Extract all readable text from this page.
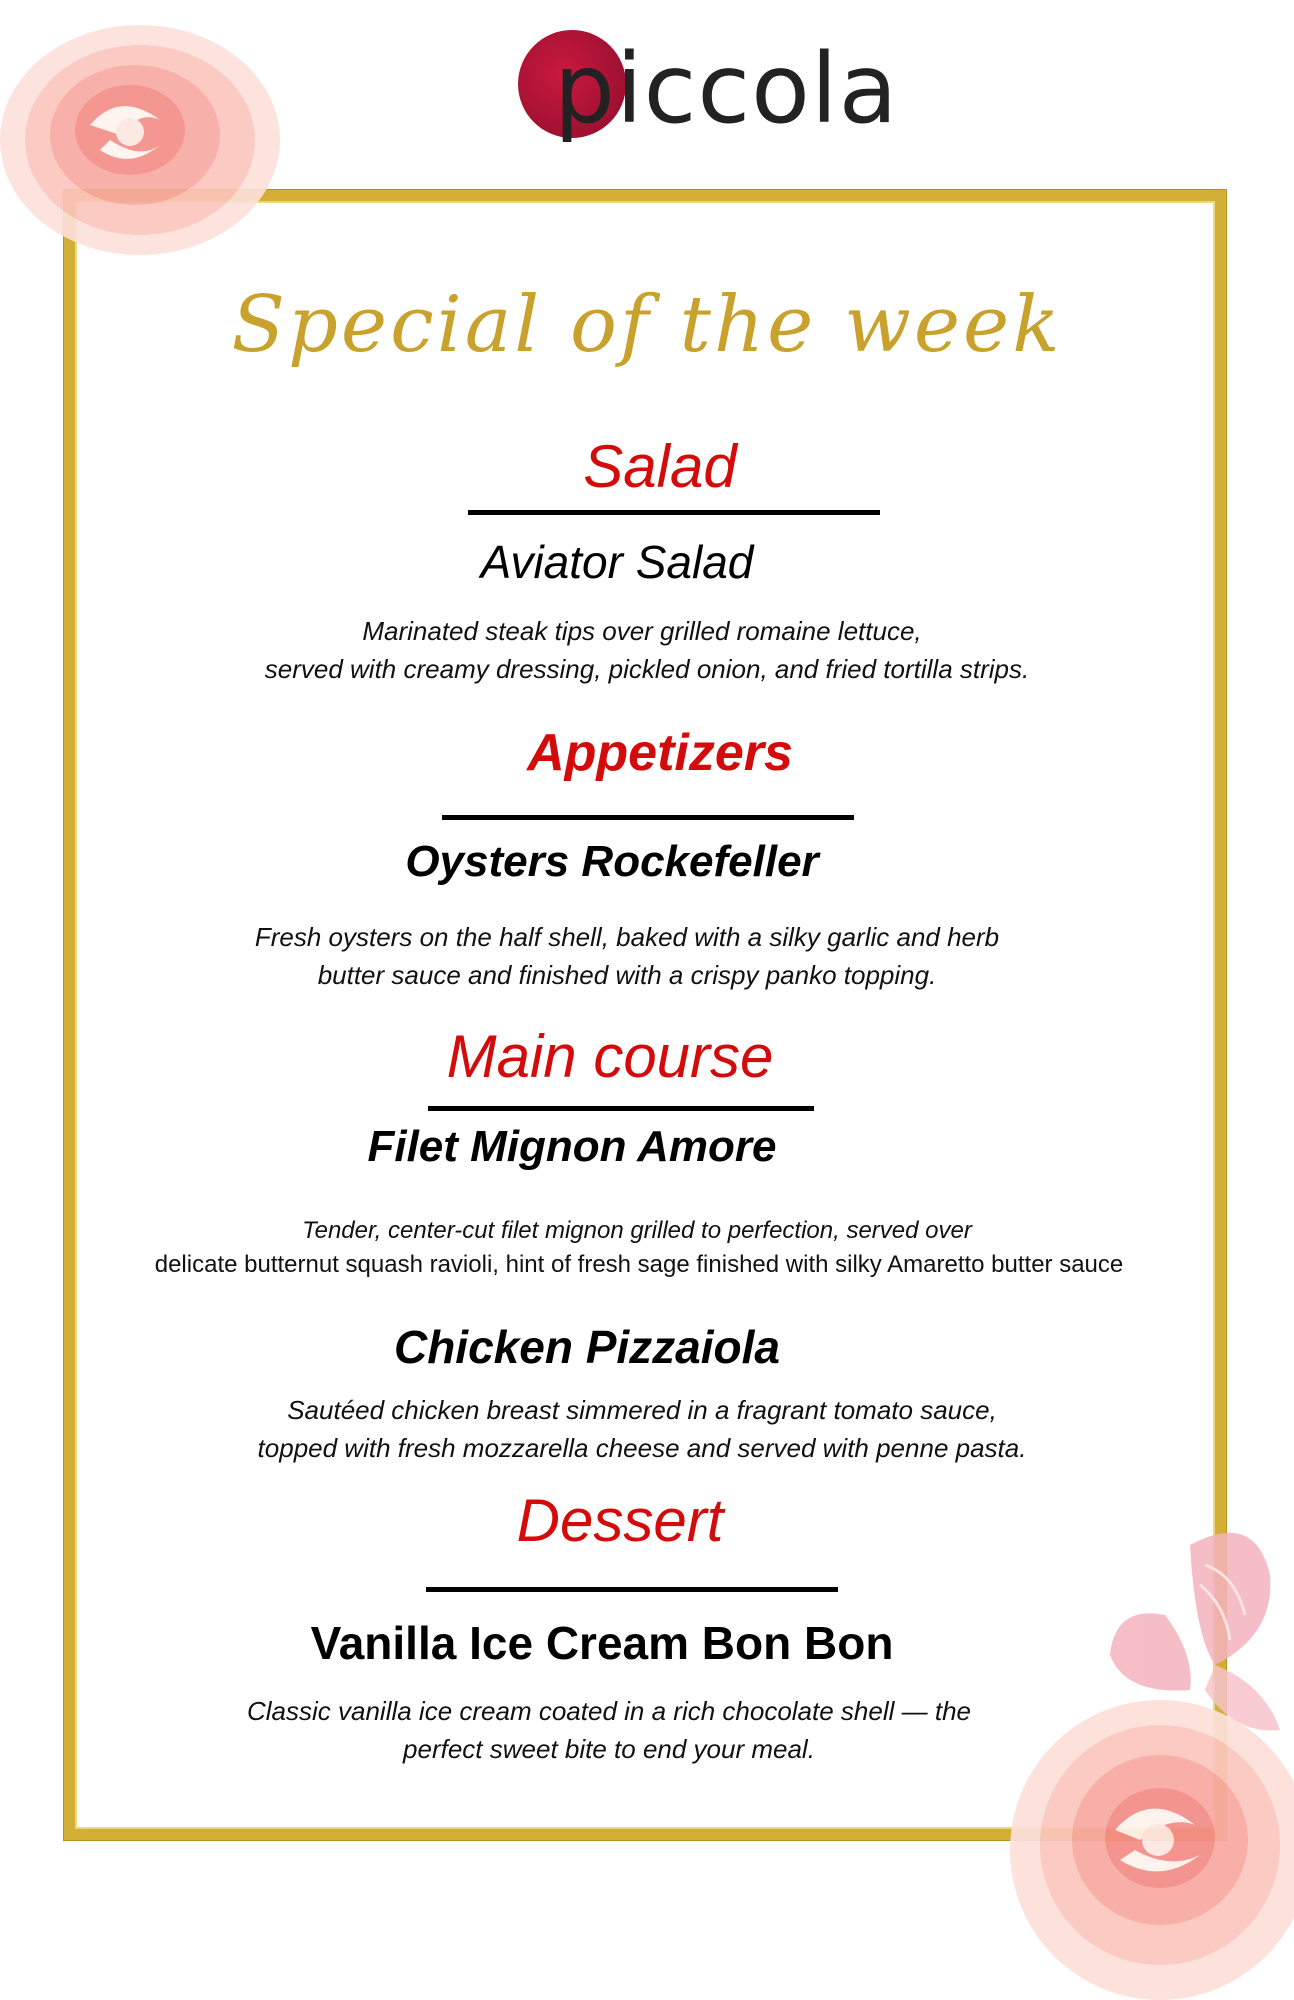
piccola
Special of the week
Salad
Aviator Salad
Marinated steak tips over grilled romaine lettuce,
served with creamy dressing, pickled onion, and fried tortilla strips.
Appetizers
Oysters Rockefeller
Fresh oysters on the half shell, baked with a silky garlic and herb
butter sauce and finished with a crispy panko topping.
Main course
Filet Mignon Amore
Tender, center-cut filet mignon grilled to perfection, served over
delicate butternut squash ravioli, hint of fresh sage finished with silky Amaretto butter sauce
Chicken Pizzaiola
Sautéed chicken breast simmered in a fragrant tomato sauce,
topped with fresh mozzarella cheese and served with penne pasta.
Dessert
Vanilla Ice Cream Bon Bon
Classic vanilla ice cream coated in a rich chocolate shell — the
perfect sweet bite to end your meal.
